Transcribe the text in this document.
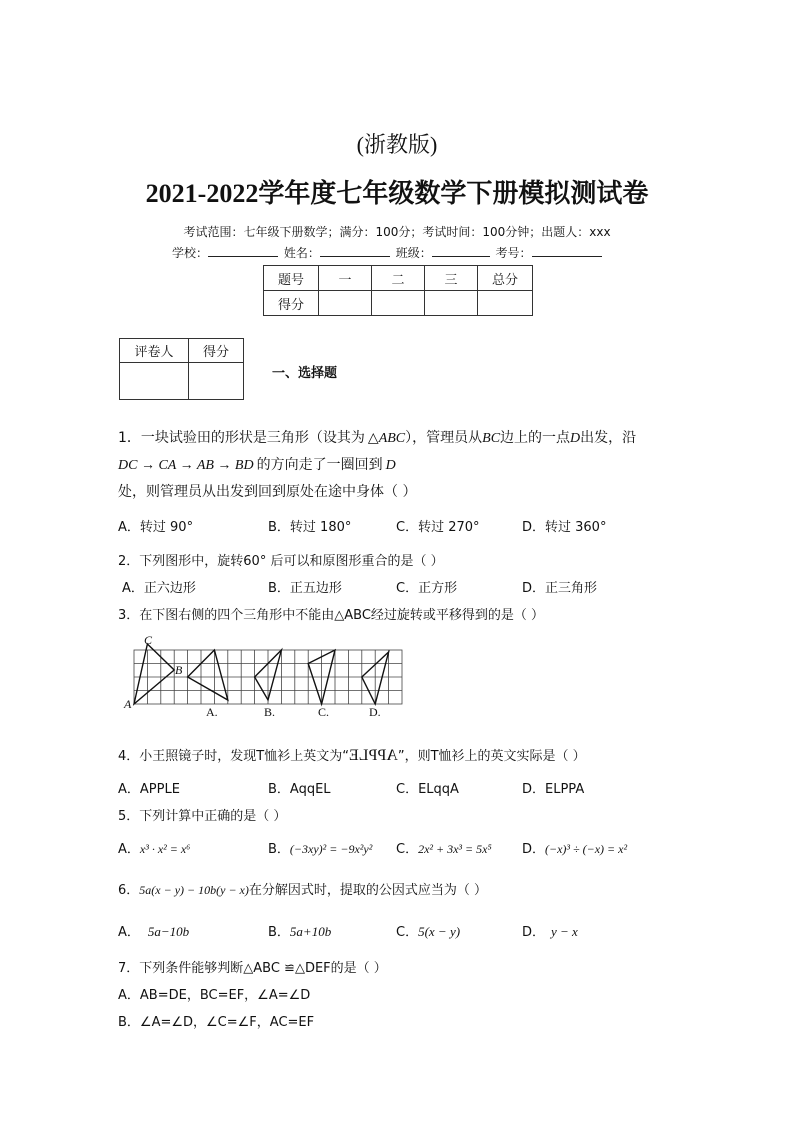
(浙教版)
2021-2022学年度七年级数学下册模拟测试卷
考试范围：七年级下册数学；满分：100分；考试时间：100分钟；出题人：xxx
学校：	姓名：	班级：	考号：
题号	一	二	三	总分
得分				
评卷人	得分

一、选择题
1．一块试验田的形状是三角形（设其为 △ABC），管理员从BC边上的一点D出发，沿
DC → CA → AB → BD 的方向走了一圈回到 D
处，则管理员从出发到回到原处在途中身体（ ）
A．转过 90°	B．转过 180°	C．转过 270°	D．转过 360°
2．下列图形中，旋转60° 后可以和原图形重合的是（ ）
A．正六边形	B．正五边形	C．正方形	D．正三角形
3．在下图右侧的四个三角形中不能由△ABC经过旋转或平移得到的是（ ）
C
B
A
A.	B.	C.	D.
4．小王照镜子时，发现T恤衫上英文为“APPLE”，则T恤衫上的英文实际是（ ）
A．APPLE	B．AqqEL	C．ELqqA	D．ELPPA
5．下列计算中正确的是（ ）
A．x³ · x² = x⁶	B．(−3xy)² = −9x²y² C．2x² + 3x³ = 5x⁵ D．(−x)³ ÷ (−x) = x²
6．5a(x − y) − 10b(y − x)在分解因式时，提取的公因式应当为（ ）
A． 5a−10b	B．5a+10b	C．5(x − y)	D． y − x
7．下列条件能够判断△ABC ≌△DEF的是（ ）
A．AB=DE，BC=EF，∠A=∠D
B．∠A=∠D，∠C=∠F，AC=EF
